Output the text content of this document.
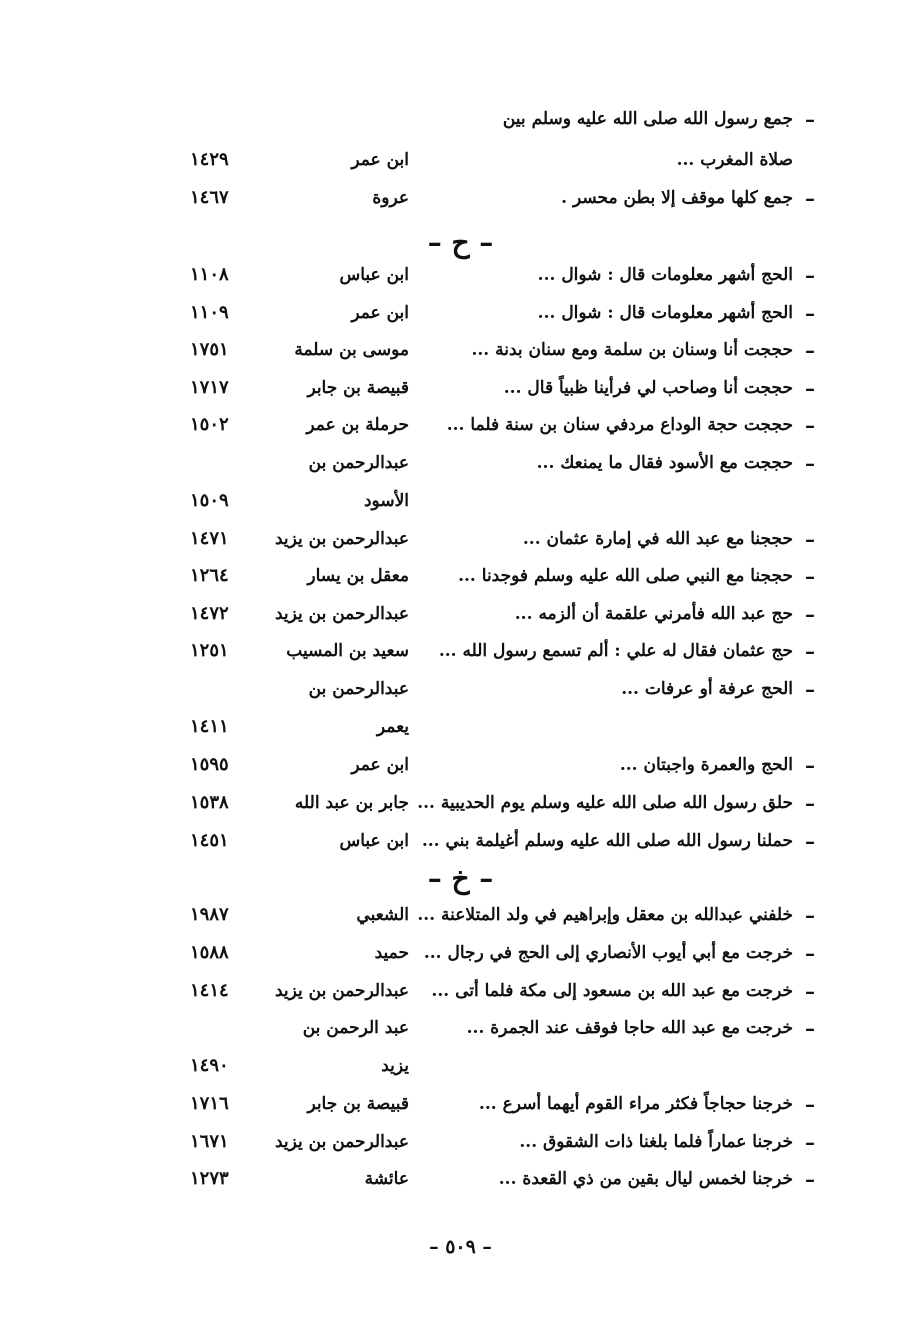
– ح –
– خ –
– ٥٠٩ –
–
جمع رسول الله صلى الله عليه وسلم بين
صلاة المغرب ...
ابن عمر
١٤٢٩
–
جمع كلها موقف إلا بطن محسر .
عروة
١٤٦٧
–
الحج أشهر معلومات قال : شوال ...
ابن عباس
١١٠٨
–
الحج أشهر معلومات قال : شوال ...
ابن عمر
١١٠٩
–
حججت أنا وسنان بن سلمة ومع سنان بدنة ...
موسى بن سلمة
١٧٥١
–
حججت أنا وصاحب لي فرأينا ظبياً قال ...
قبيصة بن جابر
١٧١٧
–
حججت حجة الوداع مردفي سنان بن سنة فلما ...
حرملة بن عمر
١٥٠٢
–
حججت مع الأسود فقال ما يمنعك ...
عبدالرحمن بن
الأسود
١٥٠٩
–
حججنا مع عبد الله في إمارة عثمان ...
عبدالرحمن بن يزيد
١٤٧١
–
حججنا مع النبي صلى الله عليه وسلم فوجدنا ...
معقل بن يسار
١٢٦٤
–
حج عبد الله فأمرني علقمة أن ألزمه ...
عبدالرحمن بن يزيد
١٤٧٢
–
حج عثمان فقال له علي : ألم تسمع رسول الله ...
سعيد بن المسيب
١٢٥١
–
الحج عرفة أو عرفات ...
عبدالرحمن بن
يعمر
١٤١١
–
الحج والعمرة واجبتان ...
ابن عمر
١٥٩٥
–
حلق رسول الله صلى الله عليه وسلم يوم الحديبية ...
جابر بن عبد الله
١٥٣٨
–
حملنا رسول الله صلى الله عليه وسلم أغيلمة بني ...
ابن عباس
١٤٥١
–
خلفني عبدالله بن معقل وإبراهيم في ولد المتلاعنة ...
الشعبي
١٩٨٧
–
خرجت مع أبي أيوب الأنصاري إلى الحج في رجال ...
حميد
١٥٨٨
–
خرجت مع عبد الله بن مسعود إلى مكة فلما أتى ...
عبدالرحمن بن يزيد
١٤١٤
–
خرجت مع عبد الله حاجا فوقف عند الجمرة ...
عبد الرحمن بن
يزيد
١٤٩٠
–
خرجنا حجاجاً فكثر مراء القوم أيهما أسرع ...
قبيصة بن جابر
١٧١٦
–
خرجنا عماراً فلما بلغنا ذات الشقوق ...
عبدالرحمن بن يزيد
١٦٧١
–
خرجنا لخمس ليال بقين من ذي القعدة ...
عائشة
١٢٧٣
